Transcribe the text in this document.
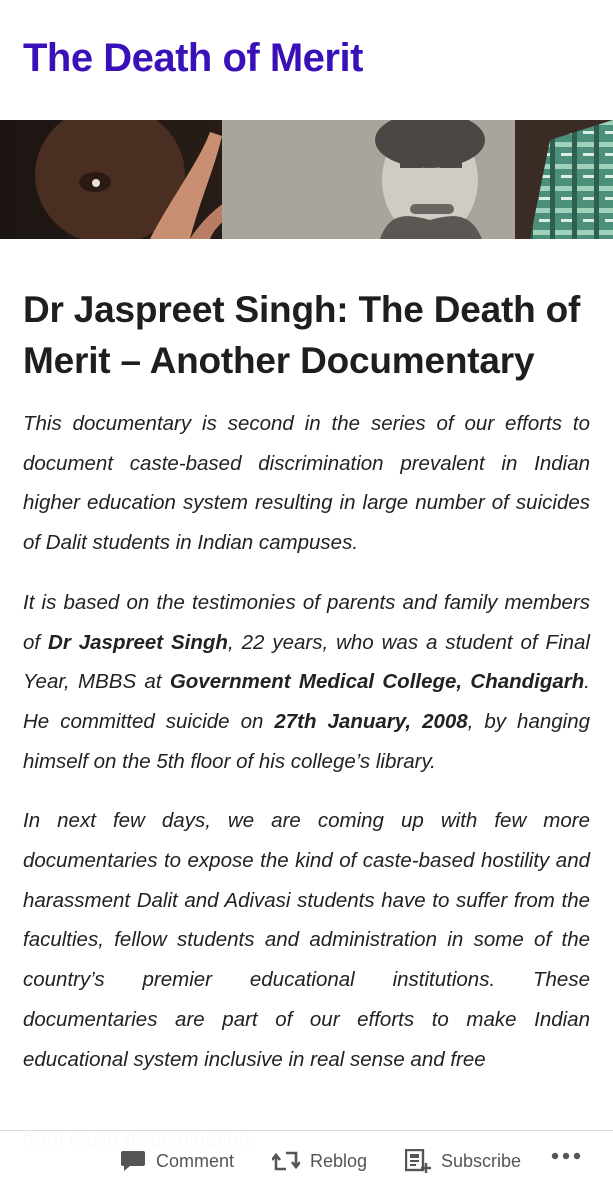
The Death of Merit
Dr Jaspreet Singh: The Death of Merit – Another Documentary

This documentary is second in the series of our efforts to document caste-based discrimination prevalent in Indian higher education system resulting in large number of suicides of Dalit students in Indian campuses.

It is based on the testimonies of parents and family members of Dr Jaspreet Singh, 22 years, who was a student of Final Year, MBBS at Government Medical College, Chandigarh. He committed suicide on 27th January, 2008, by hanging himself on the 5th floor of his college’s library.

In next few days, we are coming up with few more documentaries to expose the kind of caste-based hostility and harassment Dalit and Adivasi students have to suffer from the faculties, fellow students and administration in some of the country’s premier educational institutions. These documentaries are part of our efforts to make Indian educational system inclusive in real sense and free

Comment	Reblog	Subscribe
